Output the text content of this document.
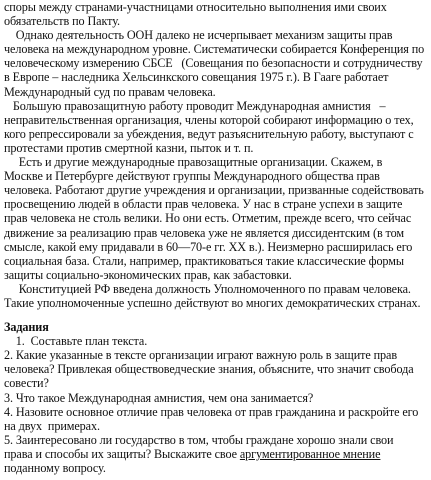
споры между странами-участницами относительно выполнения ими своих
обязательств по Пакту.
Однако деятельность ООН далеко не исчерпывает механизм защиты прав
человека на международном уровне. Систематически собирается Конференция по
человеческому измерению СБСЕ   (Совещания по безопасности и сотрудничеству
в Европе – наследника Хельсинкского совещания 1975 г.). В Гааге работает
Международный суд по правам человека.
Большую правозащитную работу проводит Международная амнистия   –
неправительственная организация, члены которой собирают информацию о тех,
кого репрессировали за убеждения, ведут разъяснительную работу, выступают с
протестами против смертной казни, пыток и т. п.
Есть и другие международные правозащитные организации. Скажем, в
Москве и Петербурге действуют группы Международного общества прав
человека. Работают другие учреждения и организации, призванные содействовать
просвещению людей в области прав человека. У нас в стране успехи в защите
прав человека не столь велики. Но они есть. Отметим, прежде всего, что сейчас
движение за реализацию прав человека уже не является диссидентским (в том
смысле, какой ему придавали в 60—70-е гг. XX в.). Неизмерно расширилась его
социальная база. Стали, например, практиковаться такие классические формы
защиты социально-экономических прав, как забастовки.
Конституцией РФ введена должность Уполномоченного по правам человека.
Такие уполномоченные успешно действуют во многих демократических странах.
Задания
1.  Составьте план текста.
2. Какие указанные в тексте организации играют важную роль в защите прав
человека? Привлекая обществоведческие знания, объясните, что значит свобода
совести?
3. Что такое Международная амнистия, чем она занимается?
4. Назовите основное отличие прав человека от прав гражданина и раскройте его
на двух  примерах.
5. Заинтересовано ли государство в том, чтобы граждане хорошо знали свои
права и способы их защиты? Выскажите свое аргументированное мнение
поданному вопросу.
